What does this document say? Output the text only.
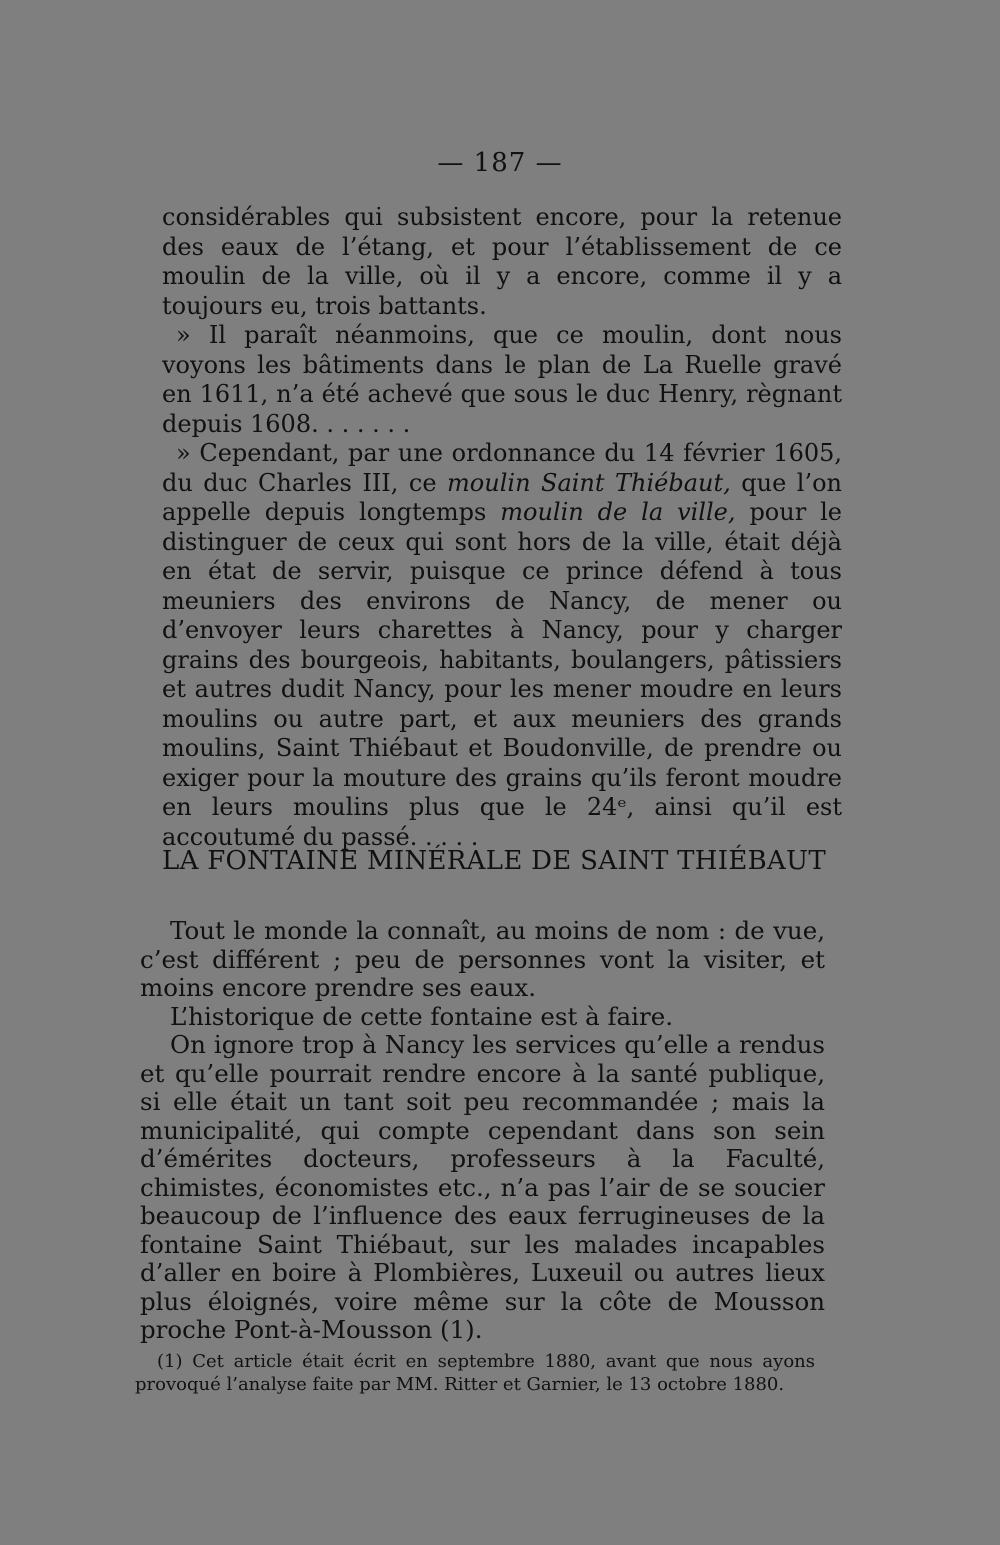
— 187 —

considérables qui subsistent encore, pour la retenue des eaux de l’étang, et pour l’établissement de ce moulin de la ville, où il y a encore, comme il y a toujours eu, trois battants.

» Il paraît néanmoins, que ce moulin, dont nous voyons les bâtiments dans le plan de La Ruelle gravé en 1611, n’a été achevé que sous le duc Henry, règnant depuis 1608. . . . . . .

» Cependant, par une ordonnance du 14 février 1605, du duc Charles III, ce moulin Saint Thiébaut, que l’on appelle depuis longtemps moulin de la ville, pour le distinguer de ceux qui sont hors de la ville, était déjà en état de servir, puisque ce prince défend à tous meuniers des environs de Nancy, de mener ou d’envoyer leurs charettes à Nancy, pour y charger grains des bourgeois, habitants, boulangers, pâtissiers et autres dudit Nancy, pour les mener moudre en leurs moulins ou autre part, et aux meuniers des grands moulins, Saint Thiébaut et Boudonville, de prendre ou exiger pour la mouture des grains qu’ils feront moudre en leurs moulins plus que le 24ᵉ, ainsi qu’il est accoutumé du passé. . . . .

LA FONTAINE MINÉRALE DE SAINT THIÉBAUT

Tout le monde la connaît, au moins de nom : de vue, c’est différent ; peu de personnes vont la visiter, et moins encore prendre ses eaux.

L’historique de cette fontaine est à faire.

On ignore trop à Nancy les services qu’elle a rendus et qu’elle pourrait rendre encore à la santé publique, si elle était un tant soit peu recommandée ; mais la municipalité, qui compte cependant dans son sein d’émérites docteurs, professeurs à la Faculté, chimistes, économistes etc., n’a pas l’air de se soucier beaucoup de l’influence des eaux ferrugineuses de la fontaine Saint Thiébaut, sur les malades incapables d’aller en boire à Plombières, Luxeuil ou autres lieux plus éloignés, voire même sur la côte de Mousson proche Pont-à-Mousson (1).

(1) Cet article était écrit en septembre 1880, avant que nous ayons provoqué l’analyse faite par MM. Ritter et Garnier, le 13 octobre 1880.
